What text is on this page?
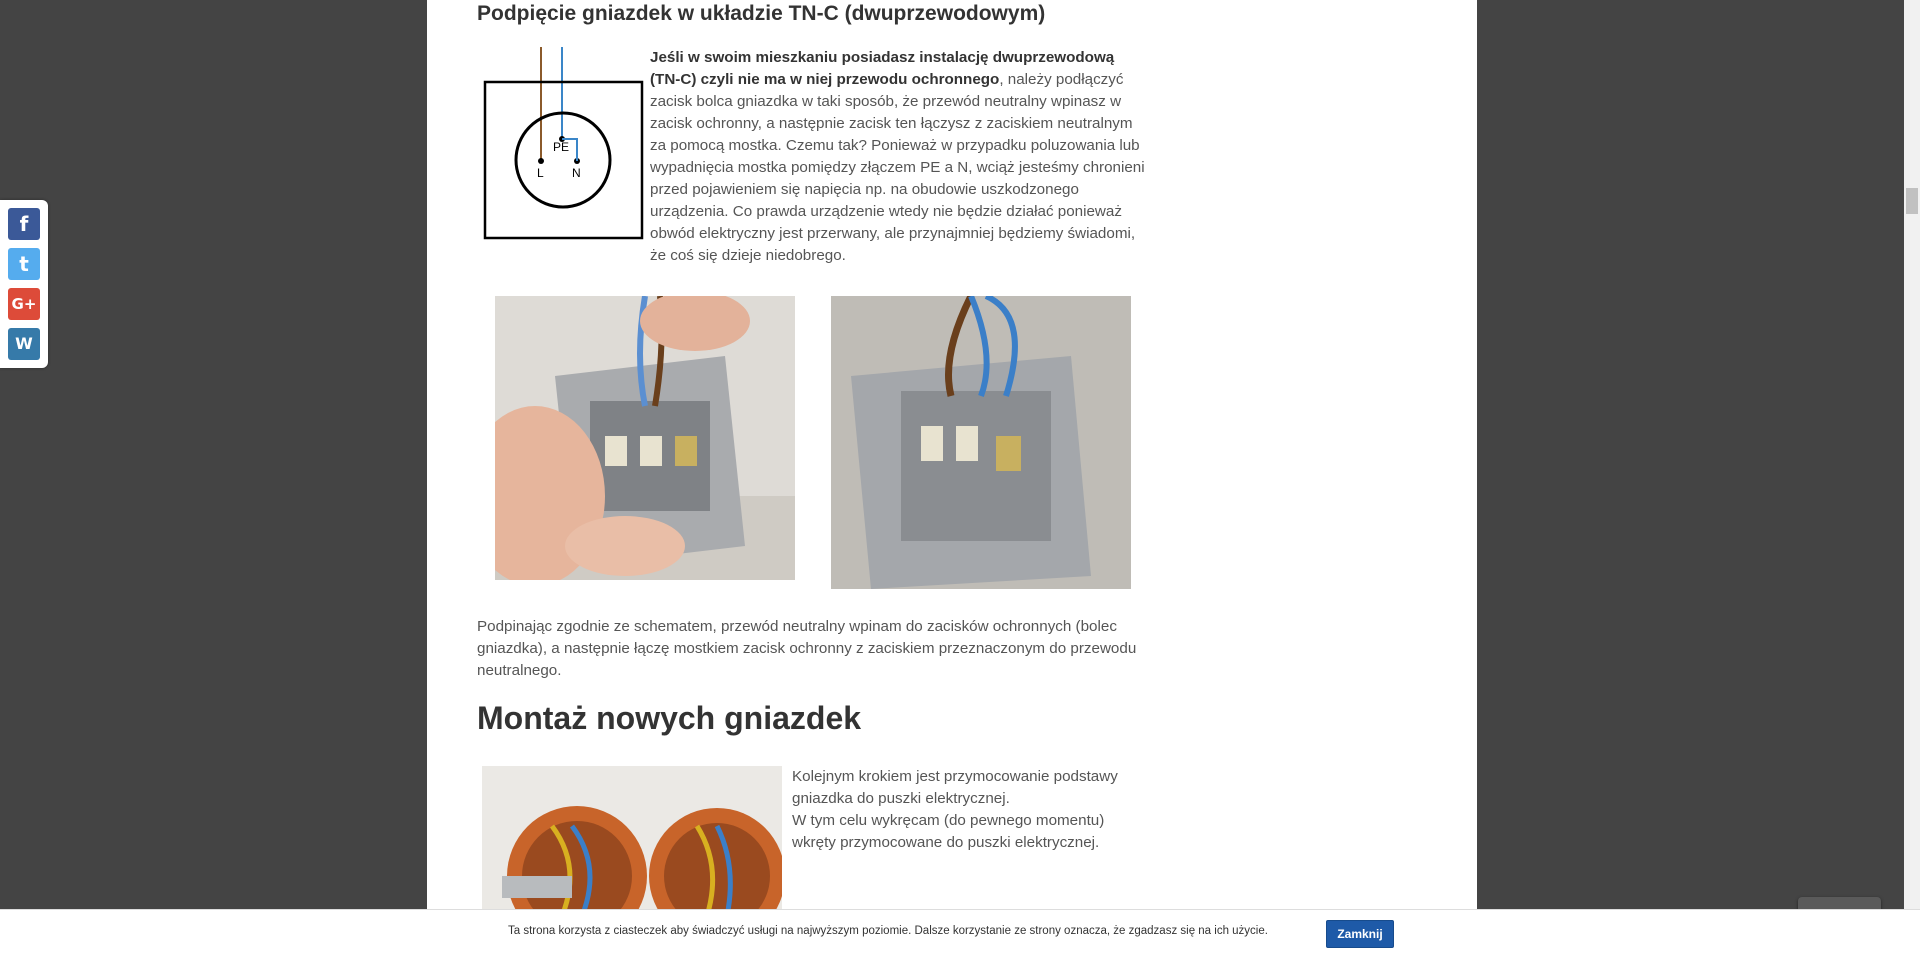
Podpięcie gniazdek w układzie TN-C (dwuprzewodowym)
PE
L N

Jeśli w swoim mieszkaniu posiadasz instalację dwuprzewodową (TN-C) czyli nie ma w niej przewodu ochronnego, należy podłączyć zacisk bolca gniazdka w taki sposób, że przewód neutralny wpinasz w zacisk ochronny, a następnie zacisk ten łączysz z zaciskiem neutralnym za pomocą mostka. Czemu tak? Ponieważ w przypadku poluzowania lub wypadnięcia mostka pomiędzy złączem PE a N, wciąż jesteśmy chronieni przed pojawieniem się napięcia np. na obudowie uszkodzonego urządzenia. Co prawda urządzenie wtedy nie będzie działać ponieważ obwód elektryczny jest przerwany, ale przynajmniej będziemy świadomi, że coś się dzieje niedobrego.

Podpinając zgodnie ze schematem, przewód neutralny wpinam do zacisków ochronnych (bolec gniazdka), a następnie łączę mostkiem zacisk ochronny z zaciskiem przeznaczonym do przewodu neutralnego.

Montaż nowych gniazdek

Kolejnym krokiem jest przymocowanie podstawy gniazdka do puszki elektrycznej.
W tym celu wykręcam (do pewnego momentu) wkręty przymocowane do puszki elektrycznej.

f
t
G+
W
Ta strona korzysta z ciasteczek aby świadczyć usługi na najwyższym poziomie. Dalsze korzystanie ze strony oznacza, że zgadzasz się na ich użycie.	Zamknij
